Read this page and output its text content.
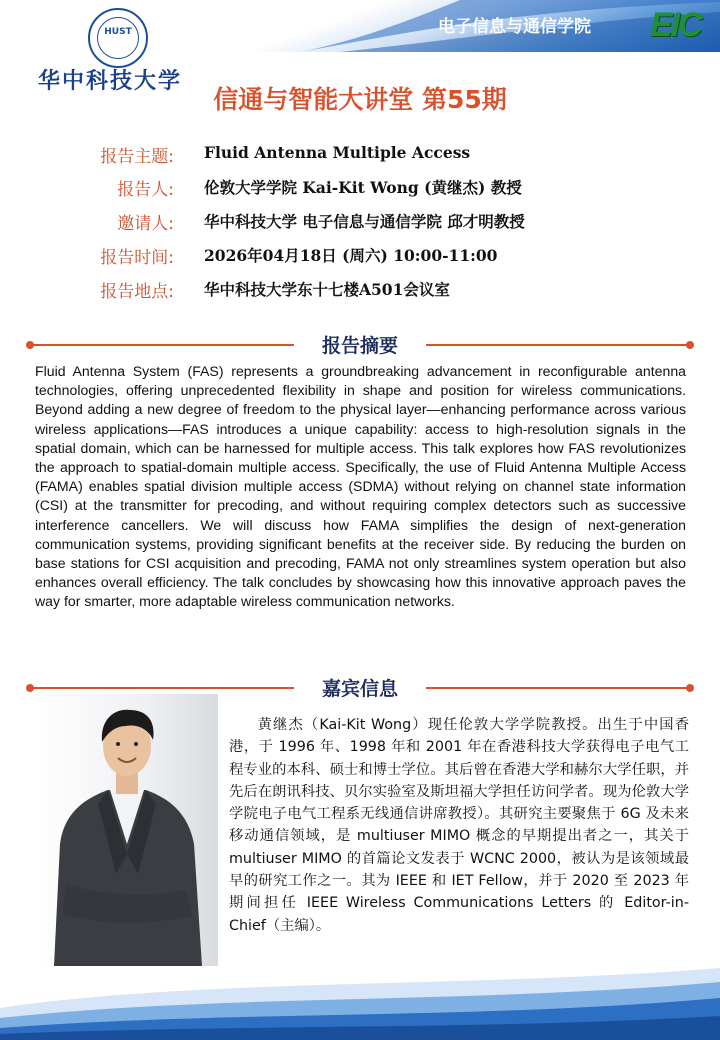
HUST
华中科技大学
电子信息与通信学院 EIC
信通与智能大讲堂 第55期
报告主题: Fluid Antenna Multiple Access
报告人: 伦敦大学学院 Kai-Kit Wong (黄继杰) 教授
邀请人: 华中科技大学 电子信息与通信学院 邱才明教授
报告时间: 2026年04月18日 (周六) 10:00-11:00
报告地点: 华中科技大学东十七楼A501会议室
报告摘要
Fluid Antenna System (FAS) represents a groundbreaking advancement in reconfigurable antenna technologies, offering unprecedented flexibility in shape and position for wireless communications. Beyond adding a new degree of freedom to the physical layer—enhancing performance across various wireless applications—FAS introduces a unique capability: access to high-resolution signals in the spatial domain, which can be harnessed for multiple access. This talk explores how FAS revolutionizes the approach to spatial-domain multiple access. Specifically, the use of Fluid Antenna Multiple Access (FAMA) enables spatial division multiple access (SDMA) without relying on channel state information (CSI) at the transmitter for precoding, and without requiring complex detectors such as successive interference cancellers. We will discuss how FAMA simplifies the design of next-generation communication systems, providing significant benefits at the receiver side. By reducing the burden on base stations for CSI acquisition and precoding, FAMA not only streamlines system operation but also enhances overall efficiency. The talk concludes by showcasing how this innovative approach paves the way for smarter, more adaptable wireless communication networks.
嘉宾信息
黄继杰（Kai-Kit Wong）现任伦敦大学学院教授。出生于中国香港，于 1996 年、1998 年和 2001 年在香港科技大学获得电子电气工程专业的本科、硕士和博士学位。其后曾在香港大学和赫尔大学任职，并先后在朗讯科技、贝尔实验室及斯坦福大学担任访问学者。现为伦敦大学学院电子电气工程系无线通信讲席教授）。其研究主要聚焦于 6G 及未来移动通信领域，是 multiuser MIMO 概念的早期提出者之一，其关于 multiuser MIMO 的首篇论文发表于 WCNC 2000，被认为是该领域最早的研究工作之一。其为 IEEE 和 IET Fellow，并于 2020 至 2023 年期间担任 IEEE Wireless Communications Letters 的 Editor-in-Chief（主编）。
